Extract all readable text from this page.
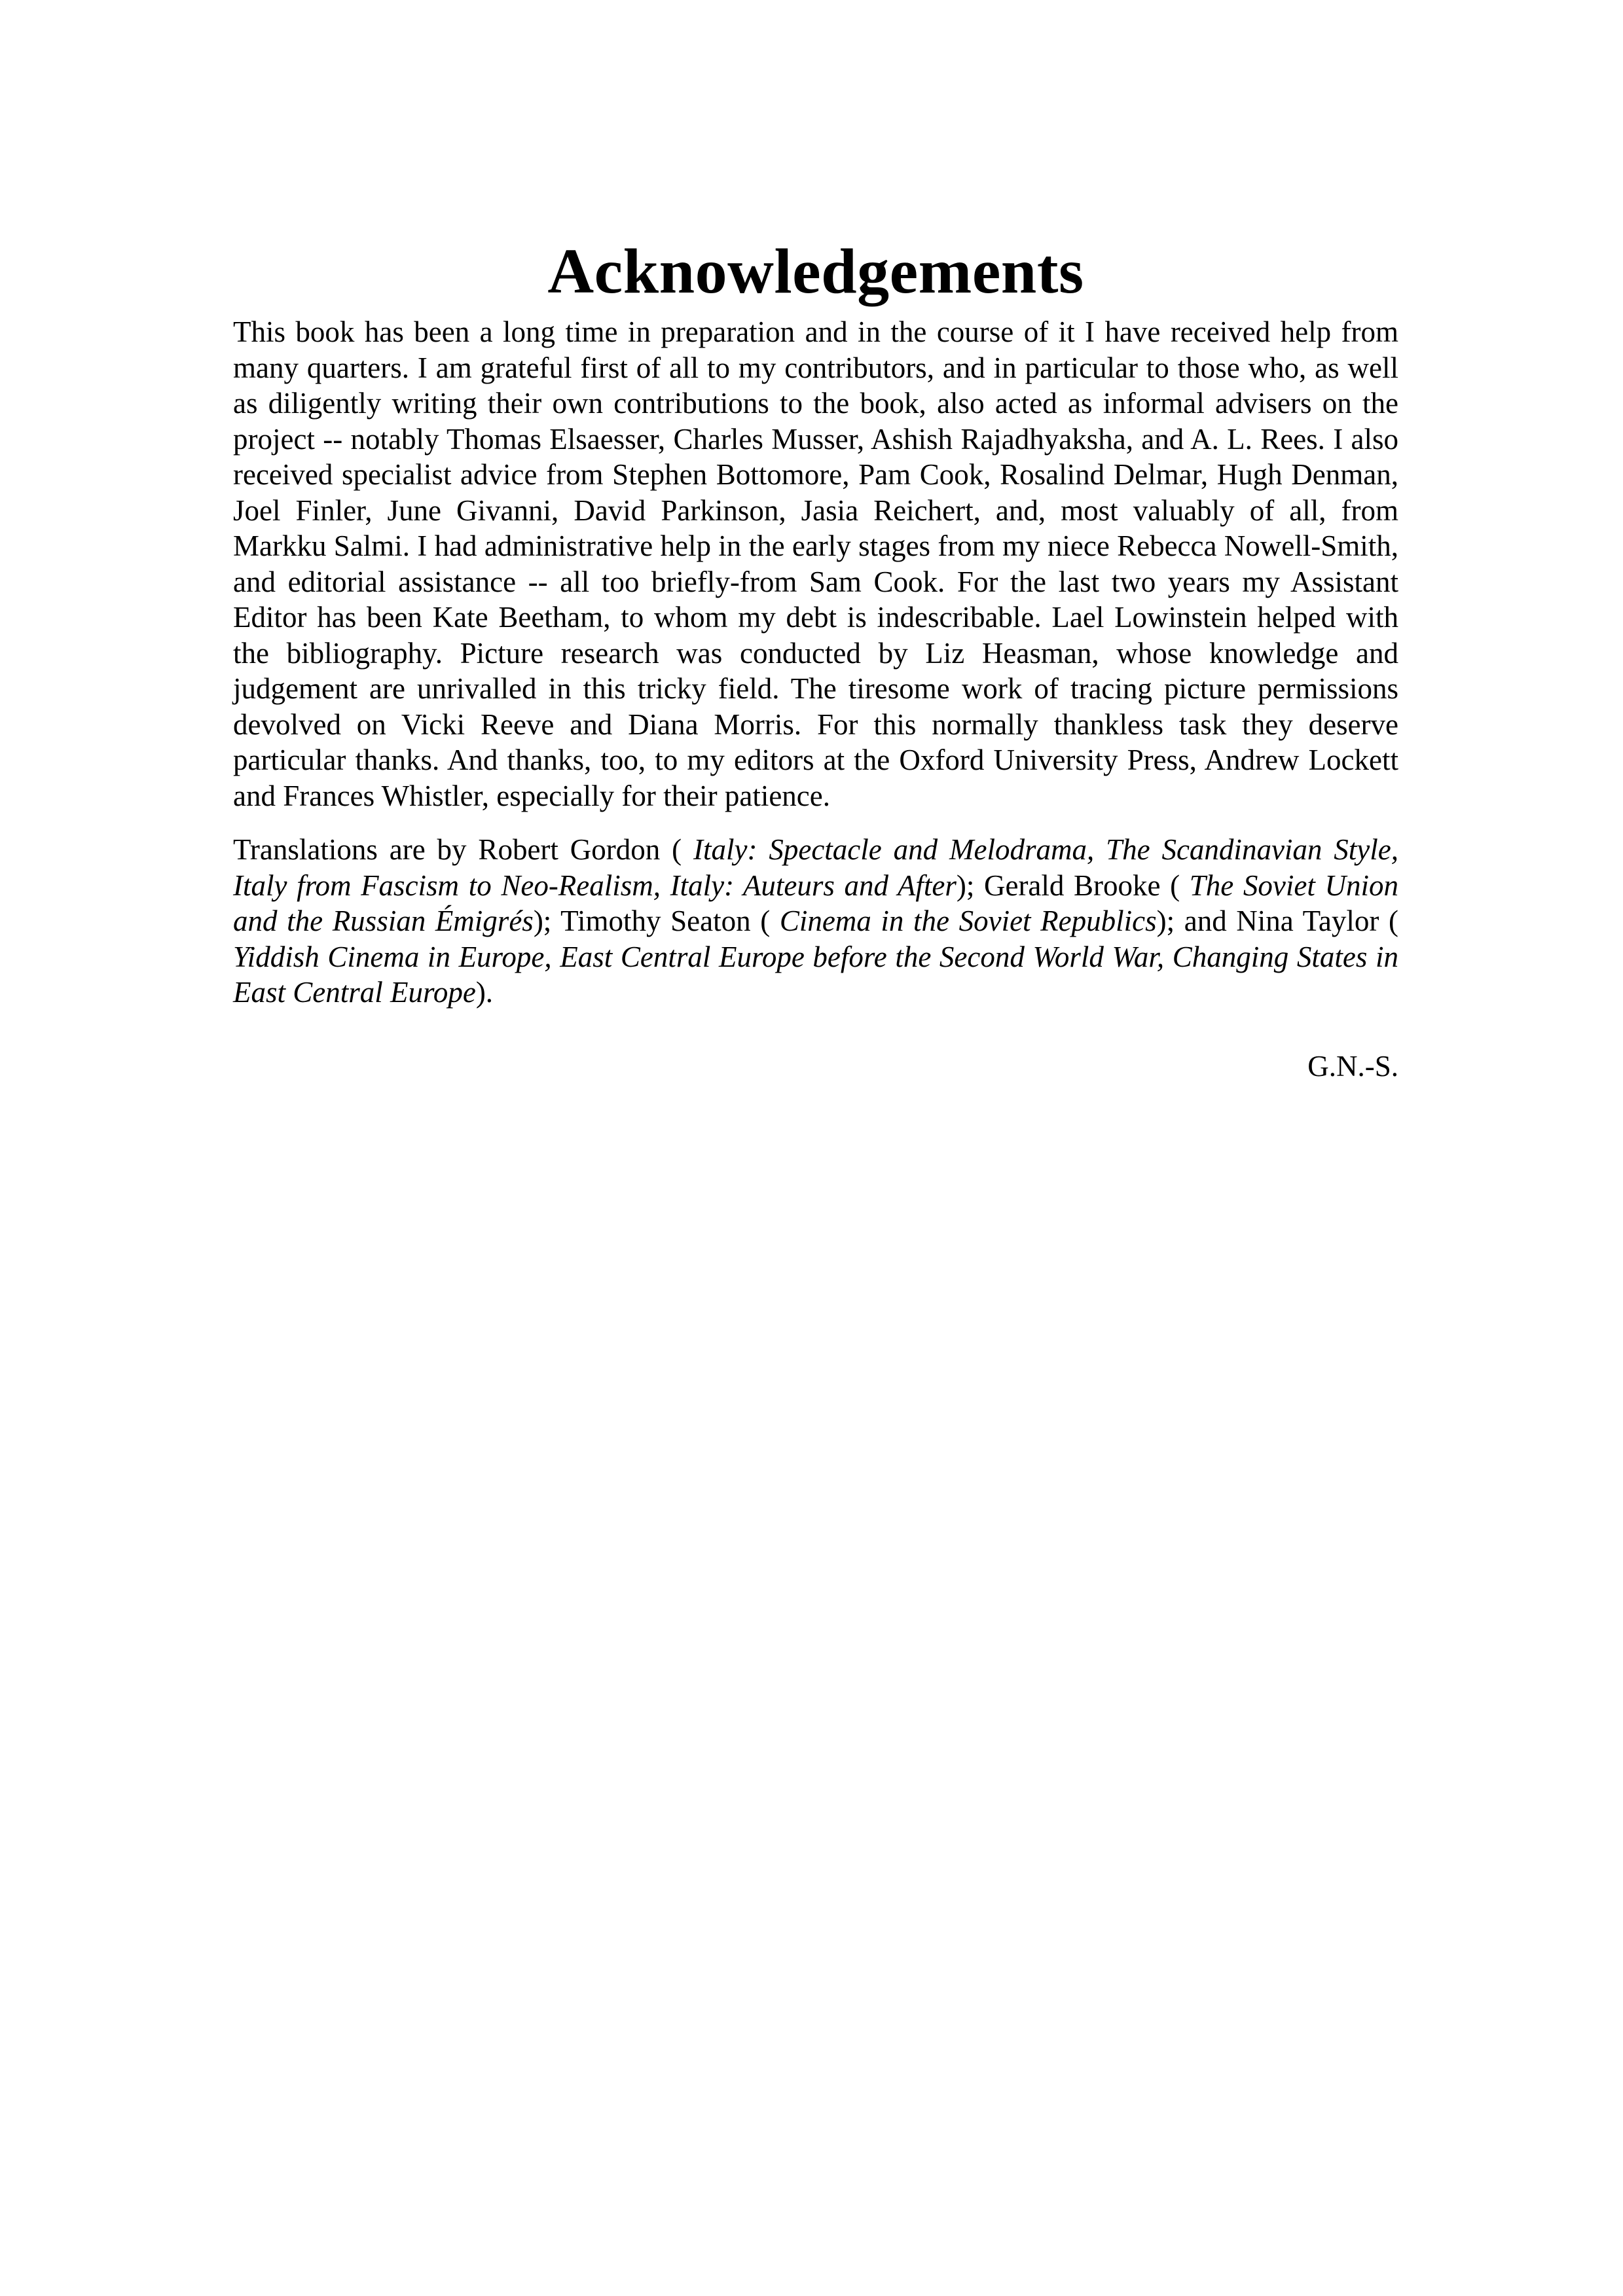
Acknowledgements

This book has been a long time in preparation and in the course of it I have received help from many quarters. I am grateful first of all to my contributors, and in particular to those who, as well as diligently writing their own contributions to the book, also acted as informal advisers on the project -- notably Thomas Elsaesser, Charles Musser, Ashish Rajadhyaksha, and A. L. Rees. I also received specialist advice from Stephen Bottomore, Pam Cook, Rosalind Delmar, Hugh Denman, Joel Finler, June Givanni, David Parkinson, Jasia Reichert, and, most valuably of all, from Markku Salmi. I had administrative help in the early stages from my niece Rebecca Nowell-Smith, and editorial assistance -- all too briefly-from Sam Cook. For the last two years my Assistant Editor has been Kate Beetham, to whom my debt is indescribable. Lael Lowinstein helped with the bibliography. Picture research was conducted by Liz Heasman, whose knowledge and judgement are unrivalled in this tricky field. The tiresome work of tracing picture permissions devolved on Vicki Reeve and Diana Morris. For this normally thankless task they deserve particular thanks. And thanks, too, to my editors at the Oxford University Press, Andrew Lockett and Frances Whistler, especially for their patience.

Translations are by Robert Gordon ( Italy: Spectacle and Melodrama, The Scandinavian Style, Italy from Fascism to Neo-Realism, Italy: Auteurs and After); Gerald Brooke ( The Soviet Union and the Russian Émigrés); Timothy Seaton ( Cinema in the Soviet Republics); and Nina Taylor ( Yiddish Cinema in Europe, East Central Europe before the Second World War, Changing States in East Central Europe).

G.N.-S.
